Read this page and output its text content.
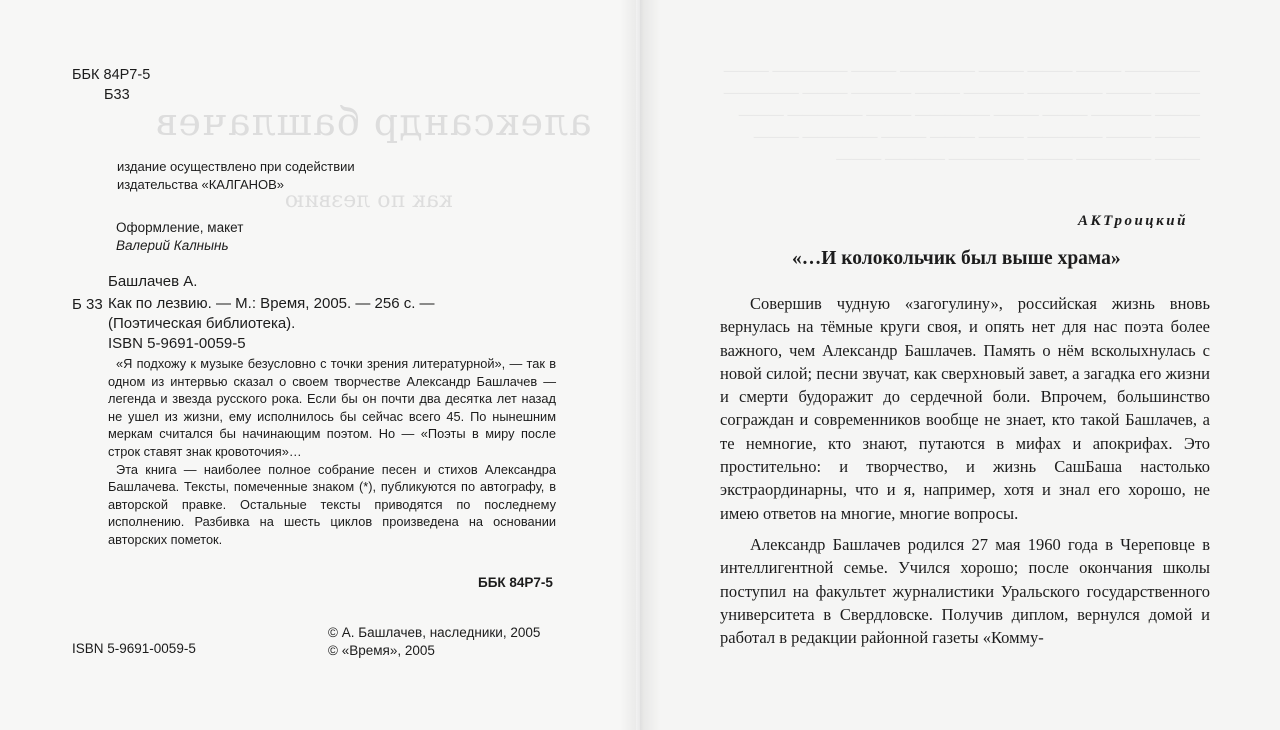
александр башлачев
как по лезвию
ББК 84Р7-5
Б33
издание осуществлено при содействии
издательства «КАЛГАНОВ»
Оформление, макет
Валерий Калнынь
Башлачев А.
Б 33 Как по лезвию. — М.: Время, 2005. — 256 с. —
(Поэтическая библиотека).
ISBN 5-9691-0059-5

«Я подхожу к музыке безусловно с точки зрения литературной», — так в одном из интервью сказал о своем творчестве Александр Башлачев — легенда и звезда русского рока. Если бы он почти два десятка лет назад не ушел из жизни, ему исполнилось бы сейчас всего 45. По нынешним меркам считался бы начинающим поэтом. Но — «Поэты в миру после строк ставят знак кровоточия»…

Эта книга — наиболее полное собрание песен и стихов Александра Башлачева. Тексты, помеченные знаком (*), публикуются по автографу, в авторской правке. Остальные тексты приводятся по последнему исполнению. Разбивка на шесть циклов произведена на основании авторских пометок.

ББК 84Р7-5
ISBN 5-9691-0059-5
© А. Башлачев, наследники, 2005
© «Время», 2005
————— ——— ——— ——— ————— ——— ————— ——— ——— ——— ————— ———— ——— ———— ——— ————— ——— ———— ——— ——— ————— ——— ————— ——— ——— ——— ————— ——— ——— ——— ————— ——— ——— ————— ——— ————— ———— ———
АКТроицкий
«…И колокольчик был выше храма»

Совершив чудную «загогулину», российская жизнь вновь вернулась на тёмные круги своя, и опять нет для нас поэта более важного, чем Александр Башлачев. Память о нём всколыхнулась с новой силой; песни звучат, как сверхновый завет, а загадка его жизни и смерти будоражит до сердечной боли. Впрочем, большинство сограждан и современников вообще не знает, кто такой Башлачев, а те немногие, кто знают, путаются в мифах и апокрифах. Это простительно: и творчество, и жизнь СашБаша настолько экстраординарны, что и я, например, хотя и знал его хорошо, не имею ответов на многие, многие вопросы.

Александр Башлачев родился 27 мая 1960 года в Череповце в интеллигентной семье. Учился хорошо; после окончания школы поступил на факультет журналистики Уральского государственного университета в Свердловске. Получив диплом, вернулся домой и работал в редакции районной газеты «Комму-
